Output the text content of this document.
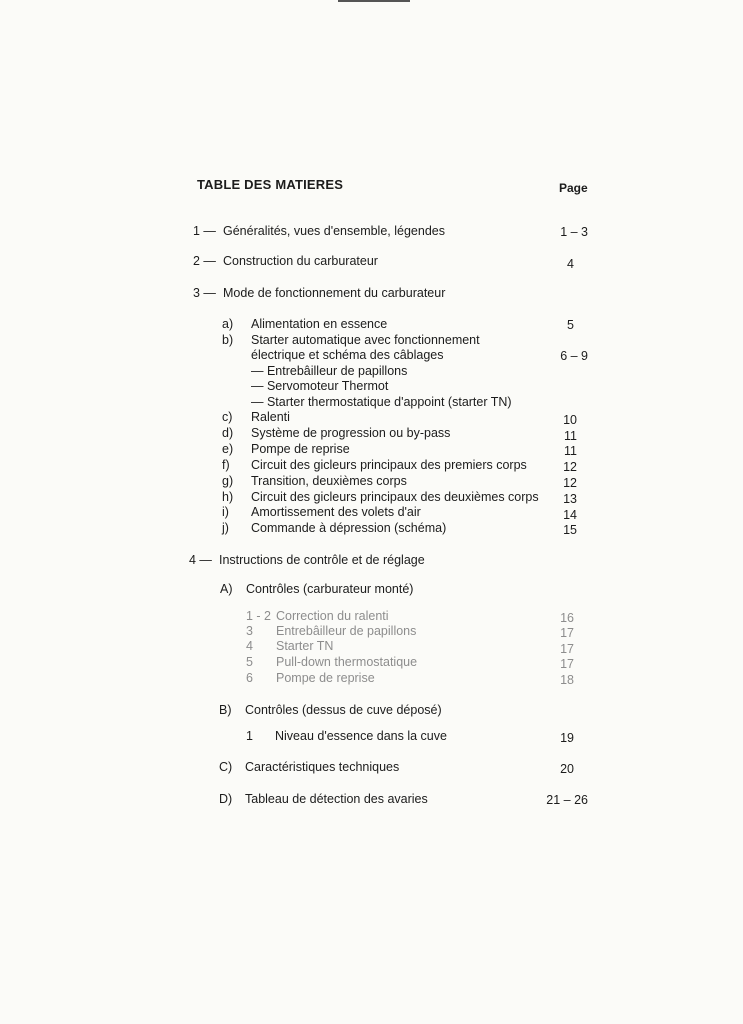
TABLE DES MATIERES	Page
1 — Généralités, vues d'ensemble, légendes	1 – 3
2 — Construction du carburateur	4
3 — Mode de fonctionnement du carburateur
a) Alimentation en essence	5
b) Starter automatique avec fonctionnement
électrique et schéma des câblages	6 – 9
— Entrebâilleur de papillons
— Servomoteur Thermot
— Starter thermostatique d'appoint (starter TN)
c) Ralenti	10
d) Système de progression ou by-pass	11
e) Pompe de reprise	11
f) Circuit des gicleurs principaux des premiers corps	12
g) Transition, deuxièmes corps	12
h) Circuit des gicleurs principaux des deuxièmes corps 13
i) Amortissement des volets d'air	14
j) Commande à dépression (schéma)	15
4 — Instructions de contrôle et de réglage
A) Contrôles (carburateur monté)
1 - 2 Correction du ralenti	16
3 Entrebâilleur de papillons	17
4 Starter TN	17
5 Pull-down thermostatique	17
6 Pompe de reprise	18
B) Contrôles (dessus de cuve déposé)
1 Niveau d'essence dans la cuve	19
C) Caractéristiques techniques	20
D) Tableau de détection des avaries	21 – 26
